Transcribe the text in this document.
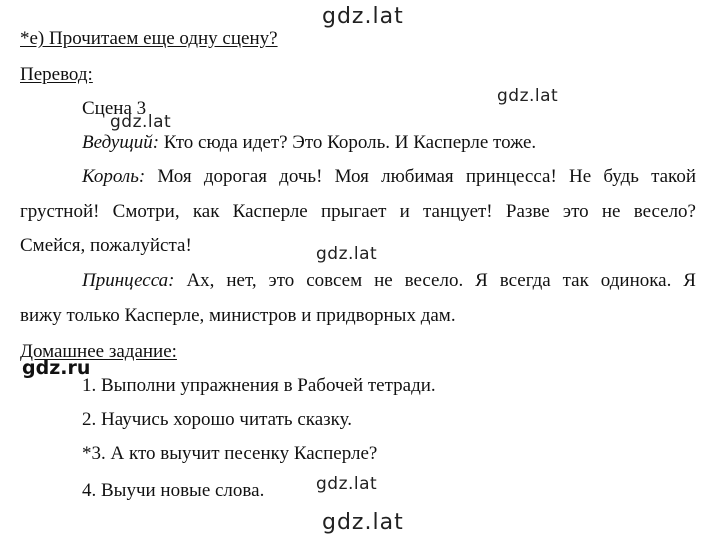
gdz.lat
gdz.lat
gdz.lat
gdz.lat
gdz.ru
gdz.lat
gdz.lat
*е) Прочитаем еще одну сцену?
Перевод:
Сцена 3
Ведущий: Кто сюда идет? Это Король. И Касперле тоже.
Король: Моя дорогая дочь! Моя любимая принцесса! Не будь такой
грустной! Смотри, как Касперле прыгает и танцует! Разве это не весело?
Смейся, пожалуйста!
Принцесса: Ах, нет, это совсем не весело. Я всегда так одинока. Я
вижу только Касперле, министров и придворных дам.
Домашнее задание:
1. Выполни упражнения в Рабочей тетради.
2. Научись хорошо читать сказку.
*3. А кто выучит песенку Касперле?
4. Выучи новые слова.
